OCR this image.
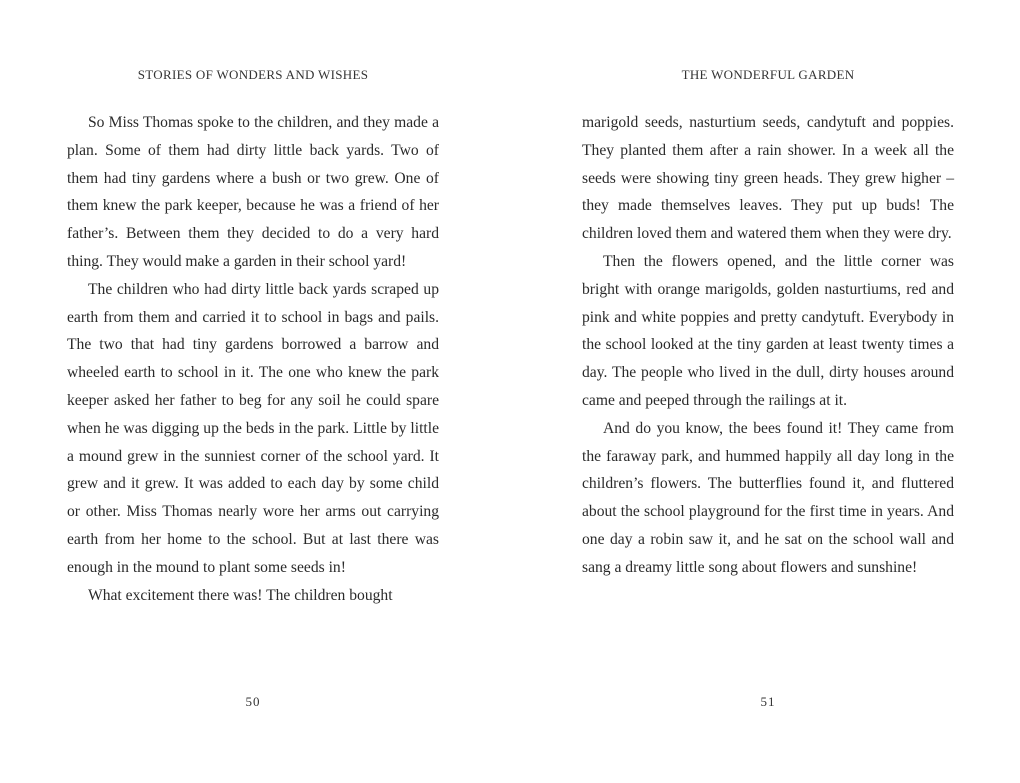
STORIES OF WONDERS AND WISHES

So Miss Thomas spoke to the children, and they made a plan. Some of them had dirty little back yards. Two of them had tiny gardens where a bush or two grew. One of them knew the park keeper, because he was a friend of her father’s. Between them they decided to do a very hard thing. They would make a garden in their school yard!

The children who had dirty little back yards scraped up earth from them and carried it to school in bags and pails. The two that had tiny gardens borrowed a barrow and wheeled earth to school in it. The one who knew the park keeper asked her father to beg for any soil he could spare when he was digging up the beds in the park. Little by little a mound grew in the sunniest corner of the school yard. It grew and it grew. It was added to each day by some child or other. Miss Thomas nearly wore her arms out carrying earth from her home to the school. But at last there was enough in the mound to plant some seeds in!

What excitement there was! The children bought

50
THE WONDERFUL GARDEN

marigold seeds, nasturtium seeds, candytuft and poppies. They planted them after a rain shower. In a week all the seeds were showing tiny green heads. They grew higher – they made themselves leaves. They put up buds! The children loved them and watered them when they were dry.

Then the flowers opened, and the little corner was bright with orange marigolds, golden nasturtiums, red and pink and white poppies and pretty candytuft. Everybody in the school looked at the tiny garden at least twenty times a day. The people who lived in the dull, dirty houses around came and peeped through the railings at it.

And do you know, the bees found it! They came from the faraway park, and hummed happily all day long in the children’s flowers. The butterflies found it, and fluttered about the school playground for the first time in years. And one day a robin saw it, and he sat on the school wall and sang a dreamy little song about flowers and sunshine!

51
